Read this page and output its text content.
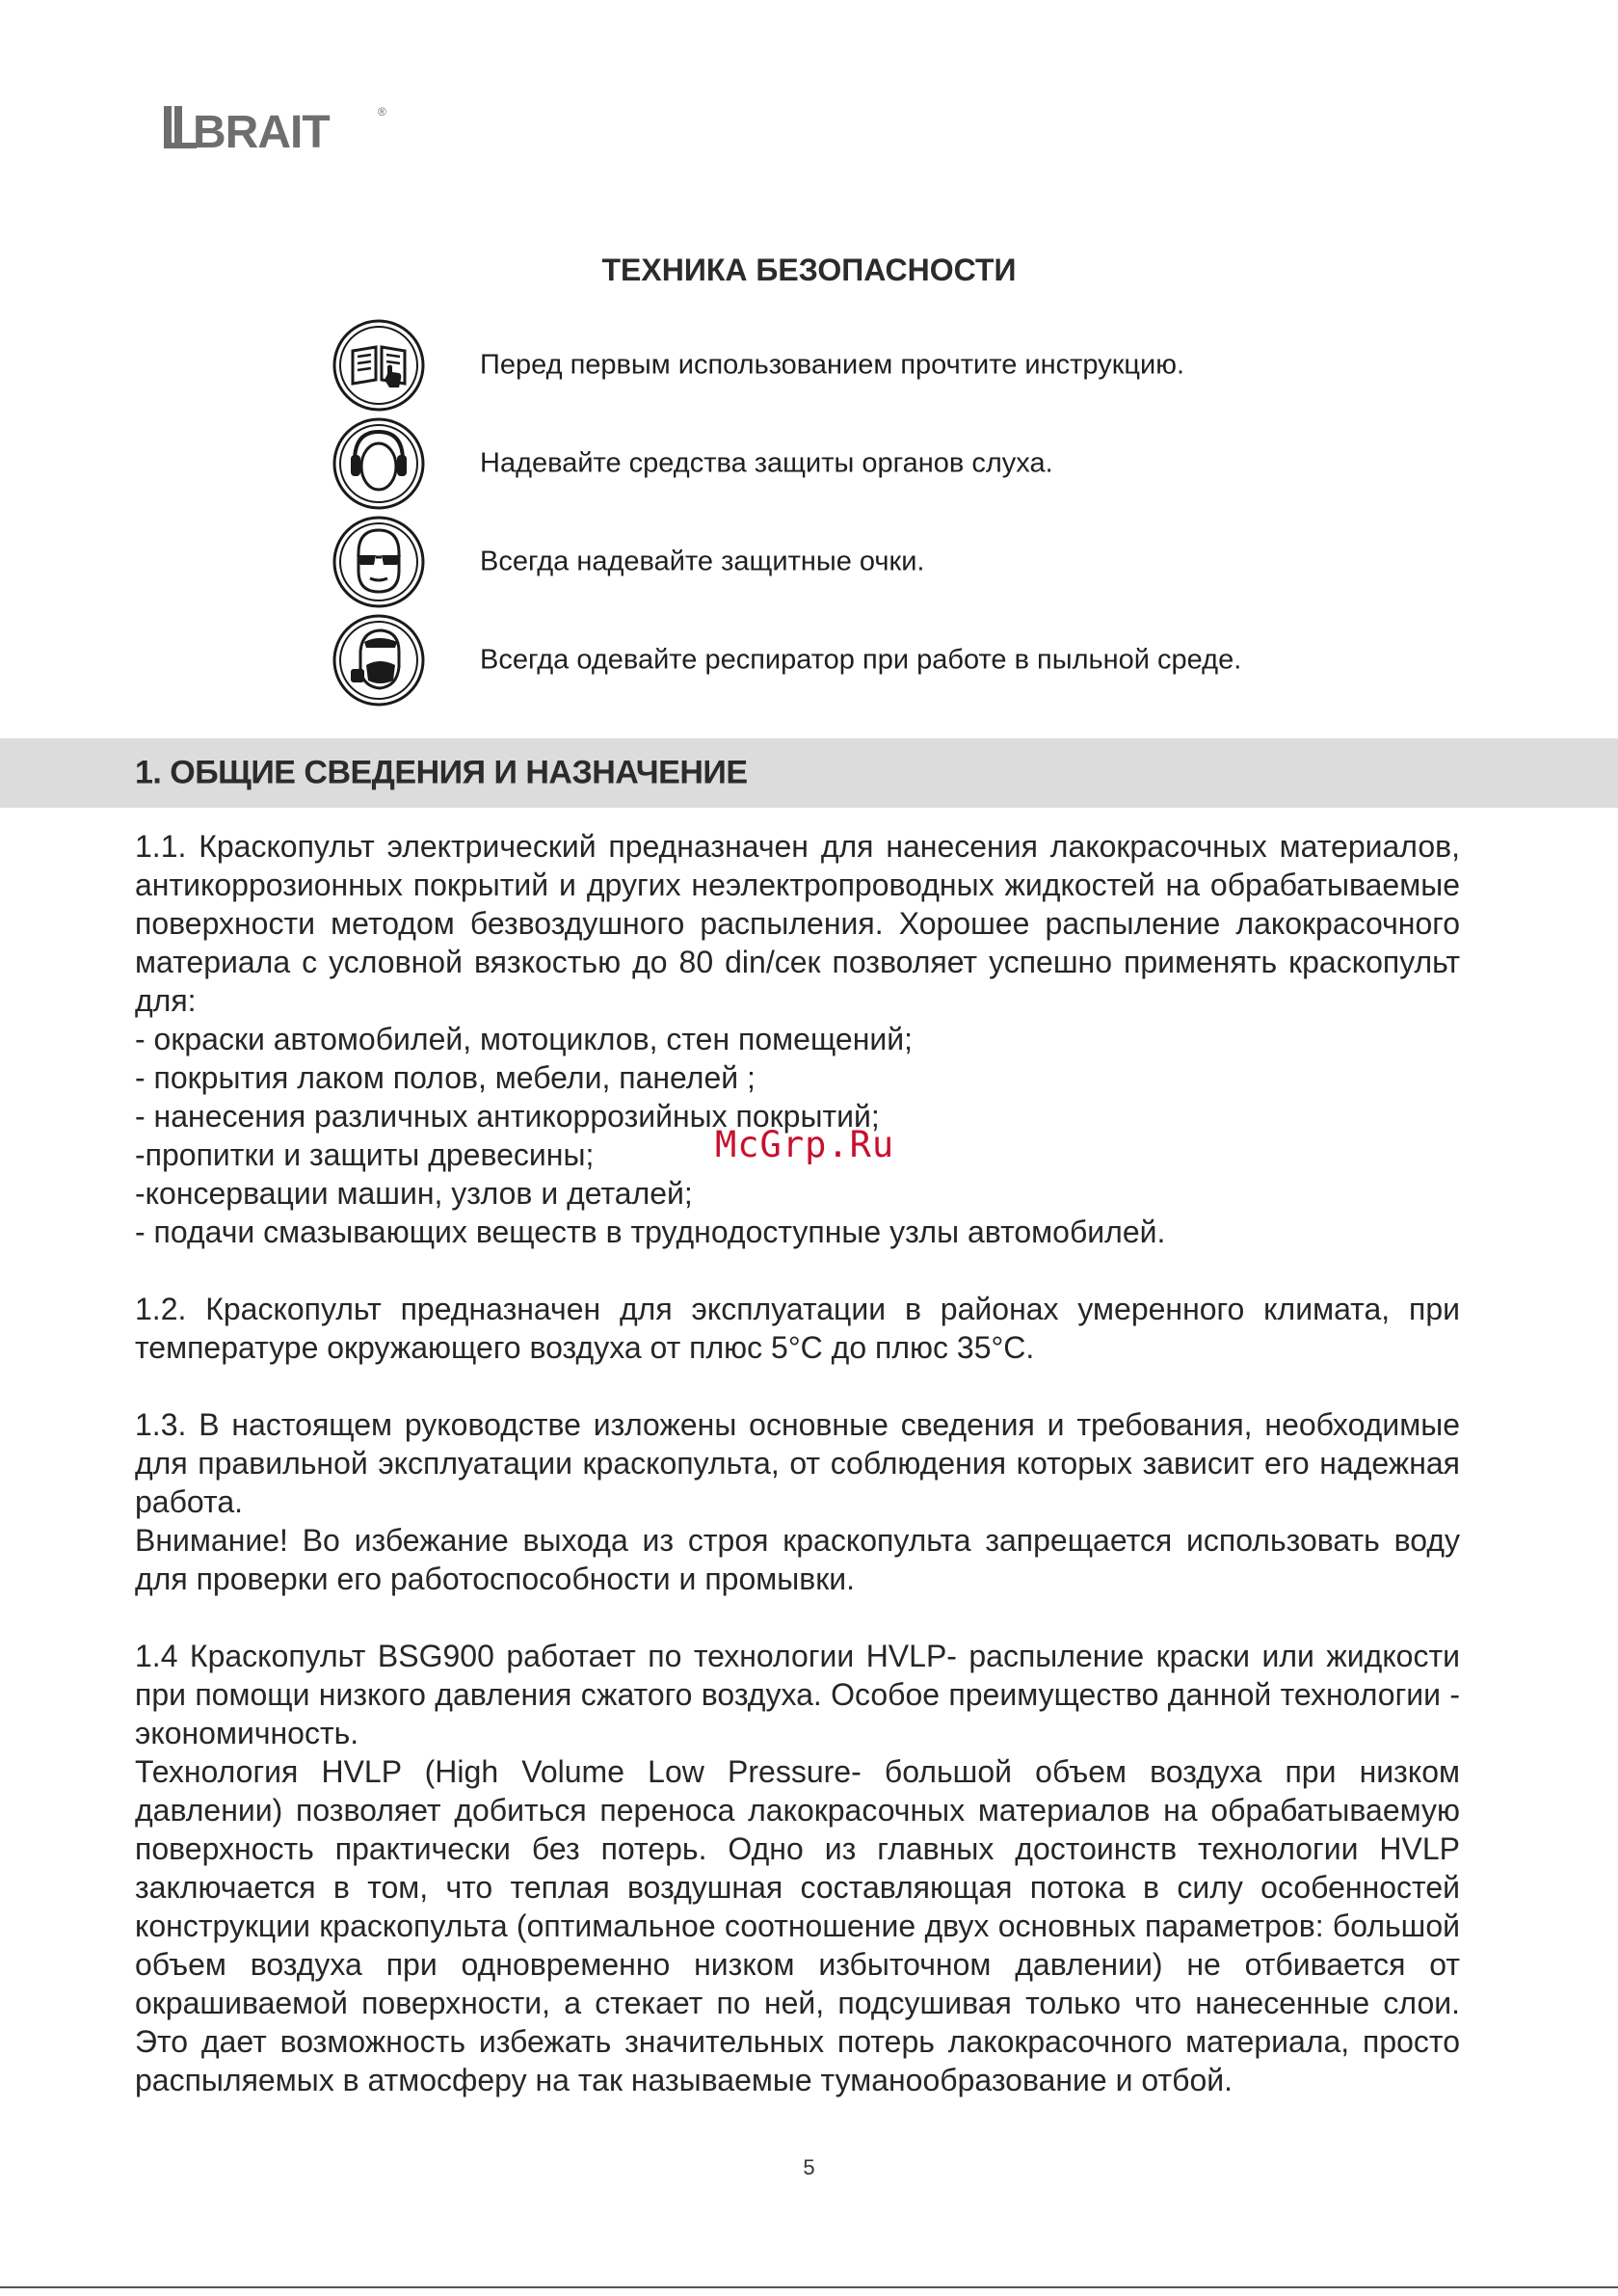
BRAIT	®
ТЕХНИКА БЕЗОПАСНОСТИ
Перед первым использованием прочтите инструкцию.
Надевайте средства защиты органов слуха.
Всегда надевайте защитные очки.
Всегда одевайте респиратор при работе в пыльной среде.
1. ОБЩИЕ СВЕДЕНИЯ И НАЗНАЧЕНИЕ

1.1. Краскопульт электрический предназначен для нанесения лакокрасочных материалов, антикоррозионных покрытий и других неэлектропроводных жидкостей на обрабатываемые поверхности методом безвоздушного распыления. Хорошее распыление лакокрасочного материала с условной вязкостью до 80 din/сек позволяет успешно применять краскопульт для:

- окраски автомобилей, мотоциклов, стен помещений;

- покрытия лаком полов, мебели, панелей ;

- нанесения различных антикоррозийных покрытий;

-пропитки и защиты древесины;

-консервации машин, узлов и деталей;

- подачи смазывающих веществ в труднодоступные узлы автомобилей.

1.2. Краскопульт предназначен для эксплуатации в районах умеренного климата, при температуре окружающего воздуха от плюс 5°С до плюс 35°С.

1.3. В настоящем руководстве изложены основные сведения и требования, необходимые для правильной эксплуатации краскопульта, от соблюдения которых зависит его надежная работа.

Внимание! Во избежание выхода из строя краскопульта запрещается использовать воду для проверки его работоспособности и промывки.

1.4 Краскопульт BSG900 работает по технологии HVLP- распыление краски или жидкости при помощи низкого давления сжатого воздуха. Особое преимущество данной технологии - экономичность.

Технология HVLP (High Volume Low Pressure- большой объем воздуха при низком давлении) позволяет добиться переноса лакокрасочных материалов на обрабатываемую поверхность практически без потерь. Одно из главных достоинств технологии HVLP заключается в том, что теплая воздушная составляющая потока в силу особенностей конструкции краскопульта (оптимальное соотношение двух основных параметров: большой объем воздуха при одновременно низком избыточном давлении) не отбивается от окрашиваемой поверхности, а стекает по ней, подсушивая только что нанесенные слои. Это дает возможность избежать значительных потерь лакокрасочного материала, просто распыляемых в атмосферу на так называемые туманообразование и отбой.

McGrp.Ru
5
